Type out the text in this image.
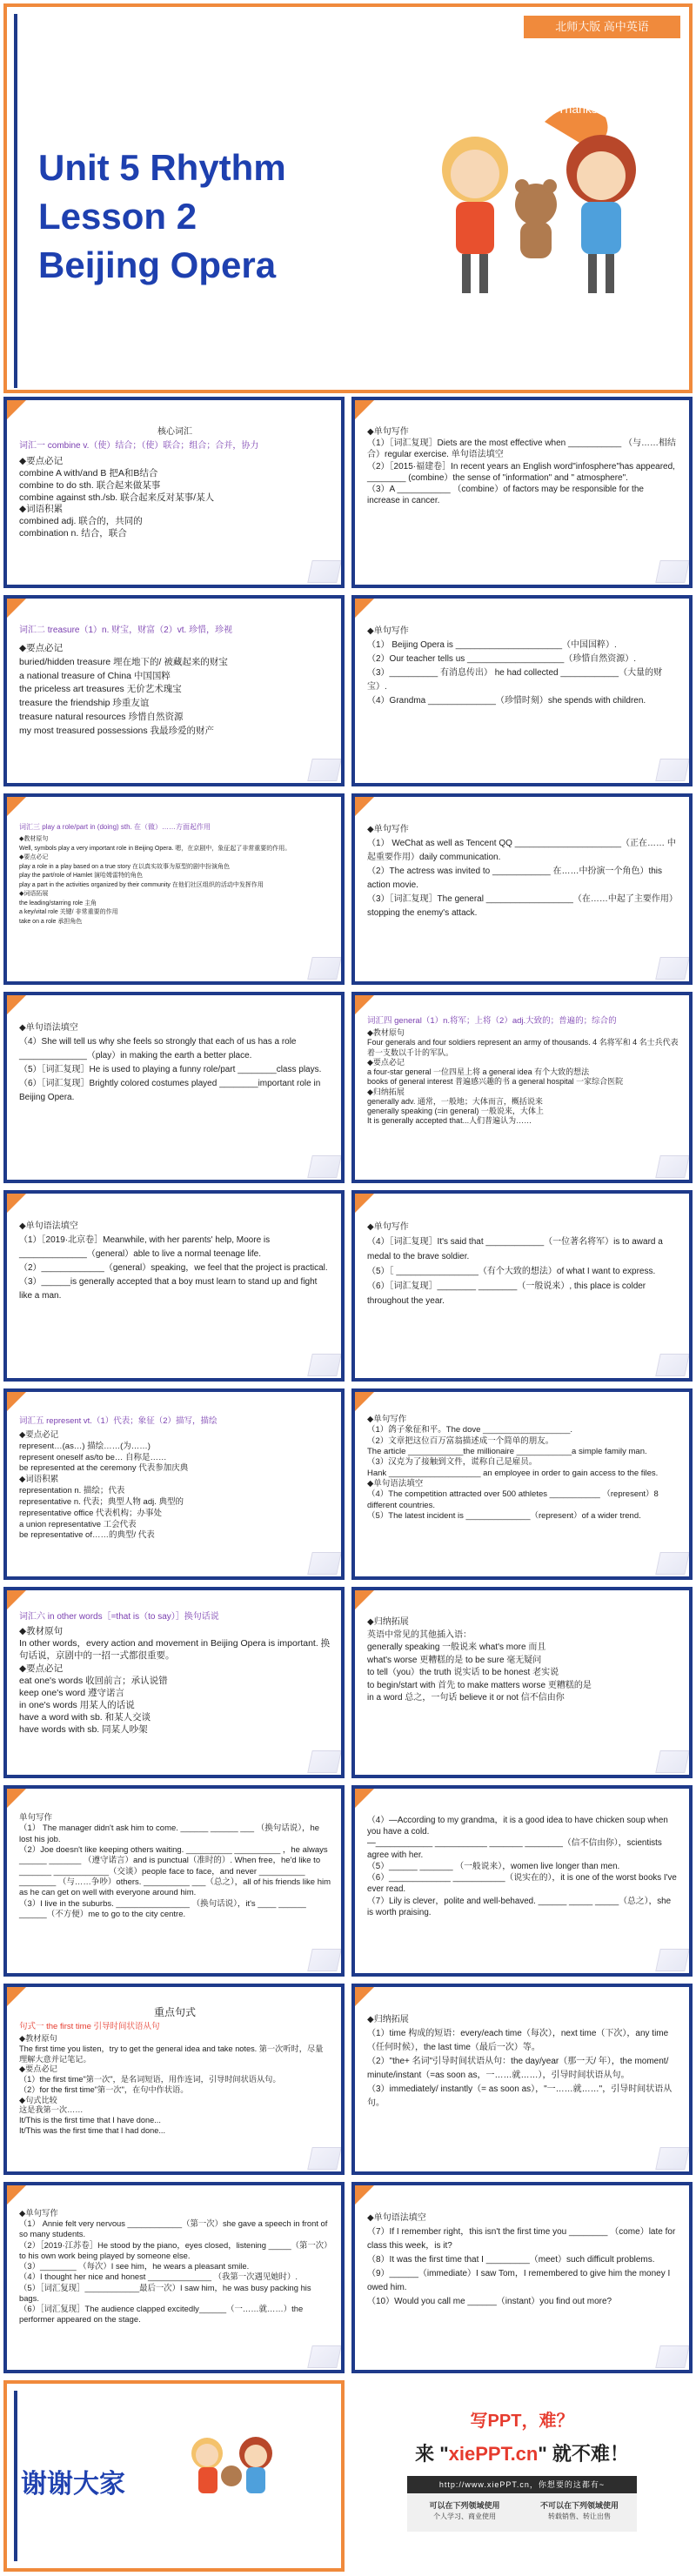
北师大版 高中英语
Unit 5 Rhythm
Lesson 2
Beijing Opera
Thanks!
核心词汇
词汇一 combine v.（使）结合；（使）联合；组合；合并，协力
◆要点必记
combine A with/and B 把A和B结合
combine to do sth. 联合起来做某事
combine against sth./sb. 联合起来反对某事/某人
◆词语积累
combined adj. 联合的，共同的
combination n. 结合，联合
◆单句写作
（1）［词汇复现］Diets are the most effective when ___________ （与……相结合）regular exercise. 单句语法填空
（2）［2015·福建卷］In recent years an English word"infosphere"has appeared, ________ (combine）the sense of "information" and " atmosphere".
（3）A ___________ （combine）of factors may be responsible for the increase in cancer.
词汇二 treasure（1）n. 财宝，财富（2）vt. 珍惜，珍视
◆要点必记
buried/hidden treasure 埋在地下的/ 被藏起来的财宝
a national treasure of China 中国国粹
the priceless art treasures 无价艺术瑰宝
treasure the friendship 珍重友谊
treasure natural resources 珍惜自然资源
my most treasured possessions 我最珍爱的财产
◆单句写作
（1） Beijing Opera is ______________________（中国国粹）.
（2）Our teacher tells us ____________________（珍惜自然资源）.
（3）__________ 有消息传出） he had collected ____________（大量的财宝）.
（4）Grandma ______________（珍惜时刻）she spends with children.
词汇三 play a role/part in (doing) sth. 在（做）……方面起作用
◆教材原句
Well, symbols play a very important role in Beijing Opera. 嗯，在京剧中，象征起了非常重要的作用。
◆要点必记
play a role in a play based on a true story 在以真实故事为原型的剧中扮演角色
play the part/role of Hamlet 演哈姆雷特的角色
play a part in the activities organized by their community 在他们社区组织的活动中发挥作用
◆词语拓展
the leading/starring role 主角
a key/vital role 关键/ 非常重要的作用
take on a role 承担角色
◆单句写作
（1） WeChat as well as Tencent QQ ______________________（正在…… 中起重要作用）daily communication.
（2）The actress was invited to ____________ 在……中扮演一个角色）this action movie.
（3）［词汇复现］The general __________________（在……中起了主要作用）stopping the enemy's attack.
◆单句语法填空
（4）She will tell us why she feels so strongly that each of us has a role ______________（play）in making the earth a better place.
（5）［词汇复现］He is used to playing a funny role/part ________class plays.
（6）［词汇复现］Brightly colored costumes played ________important role in Beijing Opera.
词汇四 general（1）n.将军；上将（2）adj.大致的；普遍的；综合的
◆教材原句
Four generals and four soldiers represent an army of thousands. 4 名将军和 4 名士兵代表着一支数以千计的军队。
◆要点必记
a four-star general 一位四星上将 a general idea 有个大致的想法
books of general interest 普遍感兴趣的书 a general hospital 一家综合医院
◆归纳拓展
generally adv. 通常，一般地；大体而言，概括说来
generally speaking (=in general) 一般说来，大体上
It is generally accepted that...人们普遍认为……
◆单句语法填空
（1）［2019·北京卷］Meanwhile, with her parents' help, Moore is ______________（general）able to live a normal teenage life.
（2）_____________（general）speaking，we feel that the project is practical.
（3）______is generally accepted that a boy must learn to stand up and fight like a man.
◆单句写作
（4）［词汇复现］It's said that ____________（一位著名将军）is to award a medal to the brave soldier.
（5）［ _________________（有个大致的想法）of what I want to express.
（6）［词汇复现］________ ________（一般说来）, this place is colder throughout the year.
词汇五 represent vt.（1）代表；象征（2）描写，描绘
◆要点必记
represent…(as…) 描绘……(为……)
represent oneself as/to be… 自称是……
be represented at the ceremony 代表参加庆典
◆词语积累
representation n. 描绘；代表
representative n. 代表；典型人物 adj. 典型的
representative office 代表机构；办事处
a union representative 工会代表
be representative of……的典型/ 代表
◆单句写作
（1）鸽子象征和平。The dove ___________________.
（2）文章把这位百万富翁描述成一个简单的朋友。
The article ____________the millionaire ____________a simple family man.
（3）汉克为了接触到文件，谎称自己是雇员。
Hank ____________________ an employee in order to gain access to the files.
◆单句语法填空
（4）The competition attracted over 500 athletes ___________ （represent）8 different countries.
（5）The latest incident is ______________（represent）of a wider trend.
词汇六 in other words［=that is（to say）］换句话说
◆教材原句
In other words，every action and movement in Beijing Opera is important. 换句话说，京剧中的一招一式都很重要。
◆要点必记
eat one's words 收回前言；承认说错
keep one's word 遵守诺言
in one's words 用某人的话说
have a word with sb. 和某人交谈
have words with sb. 同某人吵架
◆归纳拓展
英语中常见的其他插入语：
generally speaking 一般说来 what's more 而且
what's worse 更糟糕的是 to be sure 毫无疑问
to tell（you）the truth 说实话 to be honest 老实说
to begin/start with 首先 to make matters worse 更糟糕的是
in a word 总之，一句话 believe it or not 信不信由你
单句写作
（1） The manager didn't ask him to come. ______ ______ ___ （换句话说），he lost his job.
（2）Joe doesn't like keeping others waiting. __________ __________ ，he always ______ _______ （遵守诺言）and is punctual（准时的）. When free，he'd like to _______ ____________（交谈）people face to face，and never __________ ________ （与……争吵）others. __________ ___（总之），all of his friends like him as he can get on well with everyone around him.
（3）I live in the suburbs. ________________ （换句话说），it's ____ ______ ______（不方便）me to go to the city centre.
（4）—According to my grandma，it is a good idea to have chicken soup when you have a cold.
—____________ ___________ _______ ________（信不信由你），scientists agree with her.
（5）______ _______ （一般说来），women live longer than men.
（6）_____________ ___________（说实在的），it is one of the worst books I've ever read.
（7）Lily is clever，polite and well-behaved. ______ _____ _____（总之），she is worth praising.
重点句式
句式一 the first time 引导时间状语从句
◆教材原句
The first time you listen，try to get the general idea and take notes. 第一次听时，尽量理解大意并记笔记。
◆要点必记
（1）the first time"第一次"，是名词短语，用作连词，引导时间状语从句。
（2）for the first time"第一次"，在句中作状语。
◆句式比较
这是我第一次……
It/This is the first time that I have done...
It/This was the first time that I had done...
◆归纳拓展
（1）time 构成的短语：every/each time（每次），next time（下次），any time（任何时候），the last time（最后一次）等。
（2）"the+ 名词"引导时间状语从句：the day/year（那一天/ 年），the moment/ minute/instant（=as soon as，一……就……），引导时间状语从句。
（3）immediately/ instantly（= as soon as），"一……就……"，引导时间状语从句。
◆单句写作
（1） Annie felt very nervous ____________（第一次）she gave a speech in front of so many students.
（2）［2019·江苏卷］He stood by the piano，eyes closed，listening _____（第一次）to his own work being played by someone else.
（3）________ （每次）I see him，he wears a pleasant smile.
（4）I thought her nice and honest ______________ （我第一次遇见她时）.
（5）［词汇复现］____________最后一次）I saw him，he was busy packing his bags.
（6）［词汇复现］The audience clapped excitedly______（一……就……）the performer appeared on the stage.
◆单句语法填空
（7）If I remember right，this isn't the first time you ________ （come）late for class this week，is it?
（8）It was the first time that I _________（meet）such difficult problems.
（9）______（immediate）I saw Tom，I remembered to give him the money I owed him.
（10）Would you call me ______（instant）you find out more?
谢谢大家
写PPT，难？
来 "xiePPT.cn" 就不难！
http://www.xiePPT.cn，你想要的这都有~
可以在下列领域使用
个人学习、商业使用
不可以在下列领域使用
转载销售、转让出售
